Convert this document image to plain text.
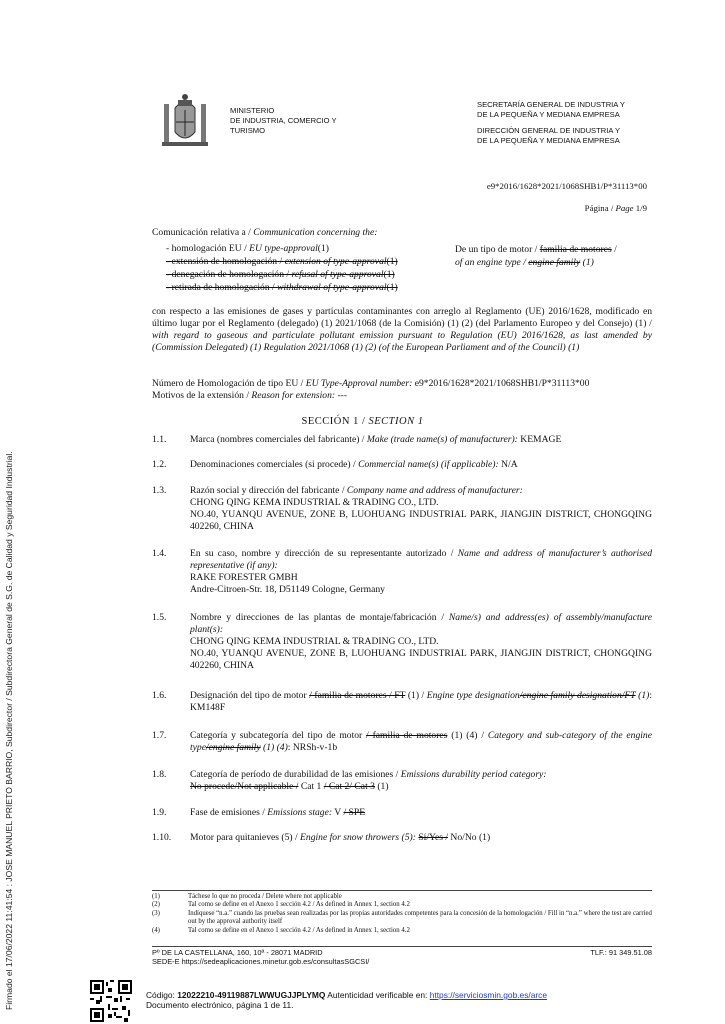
Firmado el 17/06/2022 11:41:54 : JOSE MANUEL PRIETO BARRIO, Subdirector / Subdirectora General de S.G. de Calidad y Seguridad Industrial.
MINISTERIO
DE INDUSTRIA, COMERCIO Y
TURISMO
SECRETARÍA GENERAL DE INDUSTRIA Y
DE LA PEQUEÑA Y MEDIANA EMPRESA
DIRECCIÓN GENERAL DE INDUSTRIA Y
DE LA PEQUEÑA Y MEDIANA EMPRESA
e9*2016/1628*2021/1068SHB1/P*31113*00
Página / Page 1/9
Comunicación relativa a / Communication concerning the:
- homologación EU / EU type-approval(1)
- extensión de homologación / extension of type-approval(1)
- denegación de homologación / refusal of type-approval(1)
- retirada de homologación / withdrawal of type-approval(1)
De un tipo de motor / familia de motores /
of an engine type / engine family (1)
con respecto a las emisiones de gases y partículas contaminantes con arreglo al Reglamento (UE) 2016/1628, modificado en último lugar por el Reglamento (delegado) (1) 2021/1068 (de la Comisión) (1) (2) (del Parlamento Europeo y del Consejo) (1) / with regard to gaseous and particulate pollutant emission pursuant to Regulation (EU) 2016/1628, as last amended by (Commission Delegated) (1) Regulation 2021/1068 (1) (2) (of the European Parliament and of the Council) (1)
Número de Homologación de tipo EU / EU Type-Approval number: e9*2016/1628*2021/1068SHB1/P*31113*00
Motivos de la extensión / Reason for extension: ---
SECCIÓN 1 / SECTION 1
1.1. Marca (nombres comerciales del fabricante) / Make (trade name(s) of manufacturer): KEMAGE
1.2. Denominaciones comerciales (si procede) / Commercial name(s) (if applicable): N/A
1.3. Razón social y dirección del fabricante / Company name and address of manufacturer:
CHONG QING KEMA INDUSTRIAL & TRADING CO., LTD.
NO.40, YUANQU AVENUE, ZONE B, LUOHUANG INDUSTRIAL PARK, JIANGJIN DISTRICT, CHONGQING 402260, CHINA
1.4. En su caso, nombre y dirección de su representante autorizado / Name and address of manufacturer’s authorised representative (if any):
RAKE FORESTER GMBH
Andre-Citroen-Str. 18, D51149 Cologne, Germany
1.5. Nombre y direcciones de las plantas de montaje/fabricación / Name/s) and address(es) of assembly/manufacture plant(s):
CHONG QING KEMA INDUSTRIAL & TRADING CO., LTD.
NO.40, YUANQU AVENUE, ZONE B, LUOHUANG INDUSTRIAL PARK, JIANGJIN DISTRICT, CHONGQING 402260, CHINA
1.6. Designación del tipo de motor / familia de motores / FT (1) / Engine type designation/engine family designation/FT (1): KM148F
1.7. Categoría y subcategoría del tipo de motor / familia de motores (1) (4) / Category and sub-category of the engine type/engine family (1) (4): NRSh-v-1b
1.8. Categoría de período de durabilidad de las emisiones / Emissions durability period category:
No procede/Not applicable / Cat 1 / Cat 2/ Cat 3 (1)
1.9. Fase de emisiones / Emissions stage: V / SPE
1.10. Motor para quitanieves (5) / Engine for snow throwers (5): Sí/Yes / No/No (1)
(1)	Táchese lo que no proceda / Delete where not applicable
(2)	Tal como se define en el Anexo 1 sección 4.2 / As defined in Annex 1, section 4.2
(3)	Indíquese “n.a.” cuando las pruebas sean realizadas por las propias autoridades competentes para la concesión de la homologación / Fill in “n.a.” where the test are carried out by the approval authority itself
(4)	Tal como se define en el Anexo 1 sección 4.2 / As defined in Annex 1, section 4.2
Pº DE LA CASTELLANA, 160, 10ª - 28071 MADRID	TLF.: 91 349.51.08
SEDE-E https://sedeaplicaciones.minetur.gob.es/consultasSGCSI/
Código: 12022210-49119887LWWUGJJPLYMQ Autenticidad verificable en: https://serviciosmin.gob.es/arce
Documento electrónico, página 1 de 11.
